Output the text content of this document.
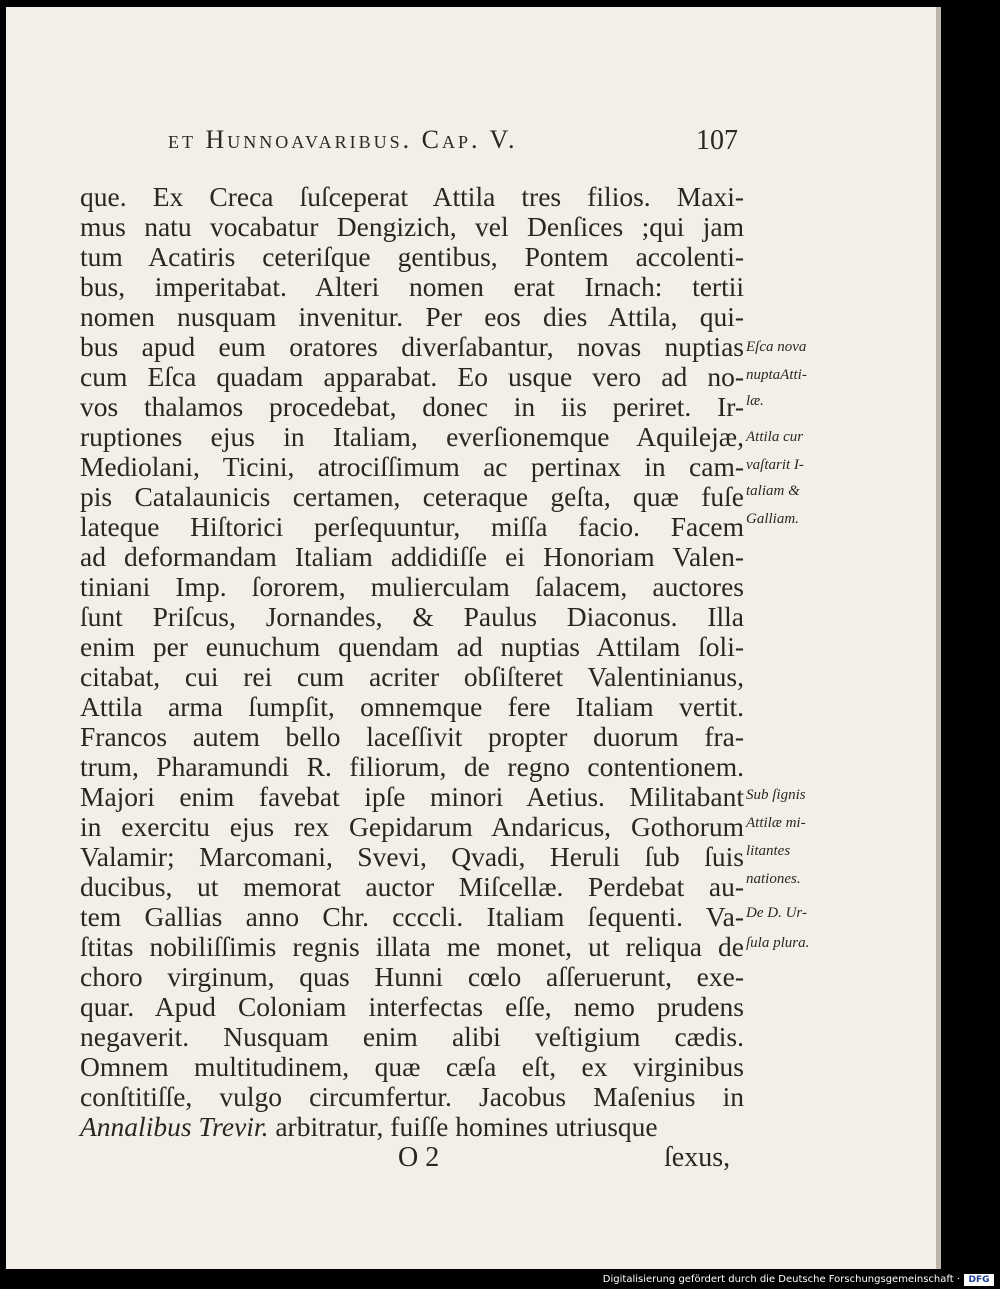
et Hunnoavaribus. Cap. V.	107

que. Ex Creca ſuſceperat Attila tres filios. Maxi-

mus natu vocabatur Dengizich, vel Denſices ;qui jam

tum Acatiris ceteriſque gentibus, Pontem accolenti-

bus, imperitabat. Alteri nomen erat Irnach: tertii

nomen nusquam invenitur. Per eos dies Attila, qui-

bus apud eum oratores diverſabantur, novas nuptias

cum Eſca quadam apparabat. Eo usque vero ad no-

vos thalamos procedebat, donec in iis periret. Ir-

ruptiones ejus in Italiam, everſionemque Aquilejæ,

Mediolani, Ticini, atrociſſimum ac pertinax in cam-

pis Catalaunicis certamen, ceteraque geſta, quæ fuſe

lateque Hiſtorici perſequuntur, miſſa facio. Facem

ad deformandam Italiam addidiſſe ei Honoriam Valen-

tiniani Imp. ſororem, mulierculam ſalacem, auctores

ſunt Priſcus, Jornandes, & Paulus Diaconus. Illa

enim per eunuchum quendam ad nuptias Attilam ſoli-

citabat, cui rei cum acriter obſiſteret Valentinianus,

Attila arma ſumpſit, omnemque fere Italiam vertit.

Francos autem bello laceſſivit propter duorum fra-

trum, Pharamundi R. filiorum, de regno contentionem.

Majori enim favebat ipſe minori Aetius. Militabant

in exercitu ejus rex Gepidarum Andaricus, Gothorum

Valamir; Marcomani, Svevi, Qvadi, Heruli ſub ſuis

ducibus, ut memorat auctor Miſcellæ. Perdebat au-

tem Gallias anno Chr. ccccli. Italiam ſequenti. Va-

ſtitas nobiliſſimis regnis illata me monet, ut reliqua de

choro virginum, quas Hunni cœlo aſſeruerunt, exe-

quar. Apud Coloniam interfectas eſſe, nemo prudens

negaverit. Nusquam enim alibi veſtigium cædis.

Omnem multitudinem, quæ cæſa eſt, ex virginibus

conſtitiſſe, vulgo circumfertur. Jacobus Maſenius in

Annalibus Trevir. arbitratur, fuiſſe homines utriusque

Eſca nova

nuptaAtti-

læ.

Attila cur

vaſtarit I-

taliam &

Galliam.

Sub ſignis

Attilæ mi-

litantes

nationes.

De D. Ur-

ſula plura.

O 2	ſexus,
Digitalisierung gefördert durch die Deutsche Forschungsgemeinschaft · DFG
